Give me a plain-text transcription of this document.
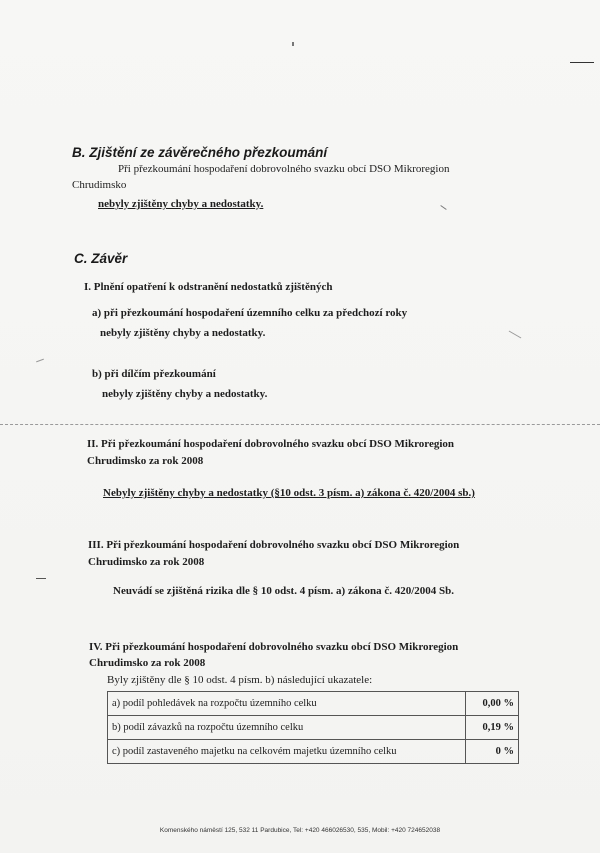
B. Zjištění ze závěrečného přezkoumání
Při přezkoumání hospodaření dobrovolného svazku obcí DSO Mikroregion
Chrudimsko
nebyly zjištěny chyby a nedostatky.
C. Závěr
I. Plnění opatření k odstranění nedostatků zjištěných
a) při přezkoumání hospodaření územního celku za předchozí roky
nebyly zjištěny chyby a nedostatky.
b) při dílčím přezkoumání
nebyly zjištěny chyby a nedostatky.
II. Při přezkoumání hospodaření dobrovolného svazku obcí DSO Mikroregion
Chrudimsko za rok 2008
Nebyly zjištěny chyby a nedostatky (§10 odst. 3 písm. a) zákona č. 420/2004 sb.)
III. Při přezkoumání hospodaření dobrovolného svazku obcí DSO Mikroregion
Chrudimsko za rok 2008
Neuvádí se zjištěná rizika dle § 10 odst. 4 písm. a) zákona č. 420/2004 Sb.
IV. Při přezkoumání hospodaření dobrovolného svazku obcí DSO Mikroregion
Chrudimsko za rok 2008
Byly zjištěny dle § 10 odst. 4 písm. b) následující ukazatele:
a) podíl pohledávek na rozpočtu územního celku	0,00 %
b) podíl závazků na rozpočtu územního celku	0,19 %
c) podíl zastaveného majetku na celkovém majetku územního celku	0 %
Komenského náměstí 125, 532 11 Pardubice, Tel: +420 466026530, 535, Mobil: +420 724652038
